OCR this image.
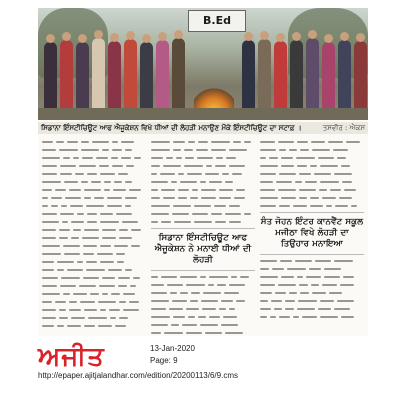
B.Ed
ਸਿਡਾਨਾ ਇੰਸਟੀਚਿਊਟ ਆਫ ਐਜੂਕੇਸ਼ਨ ਵਿਖੇ ਧੀਆਂ ਦੀ ਲੋਹੜੀ ਮਨਾਉਣ ਮੌਕੇ ਇੰਸਟੀਚਿਊਟ ਦਾ ਸਟਾਫ਼ ।	ਤਸਵੀਰ : ਐਕਸ
ਸਿਡਾਨਾ ਇੰਸਟੀਚਿਊਟ ਆਫ ਐਜੂਕੇਸ਼ਨ ਨੇ ਮਨਾਈ ਧੀਆਂ ਦੀ ਲੋਹੜੀ
ਸੰਤ ਜੋਹਨ ਇੰਟਰ ਕਾਨਵੈਂਟ ਸਕੂਲ ਮਜੀਠਾ ਵਿਖੇ ਲੋਹੜੀ ਦਾ ਤਿਉਹਾਰ ਮਨਾਇਆ
ਅਜੀਤ	13-Jan-2020
Page: 9
http://epaper.ajitjalandhar.com/edition/20200113/6/9.cms
